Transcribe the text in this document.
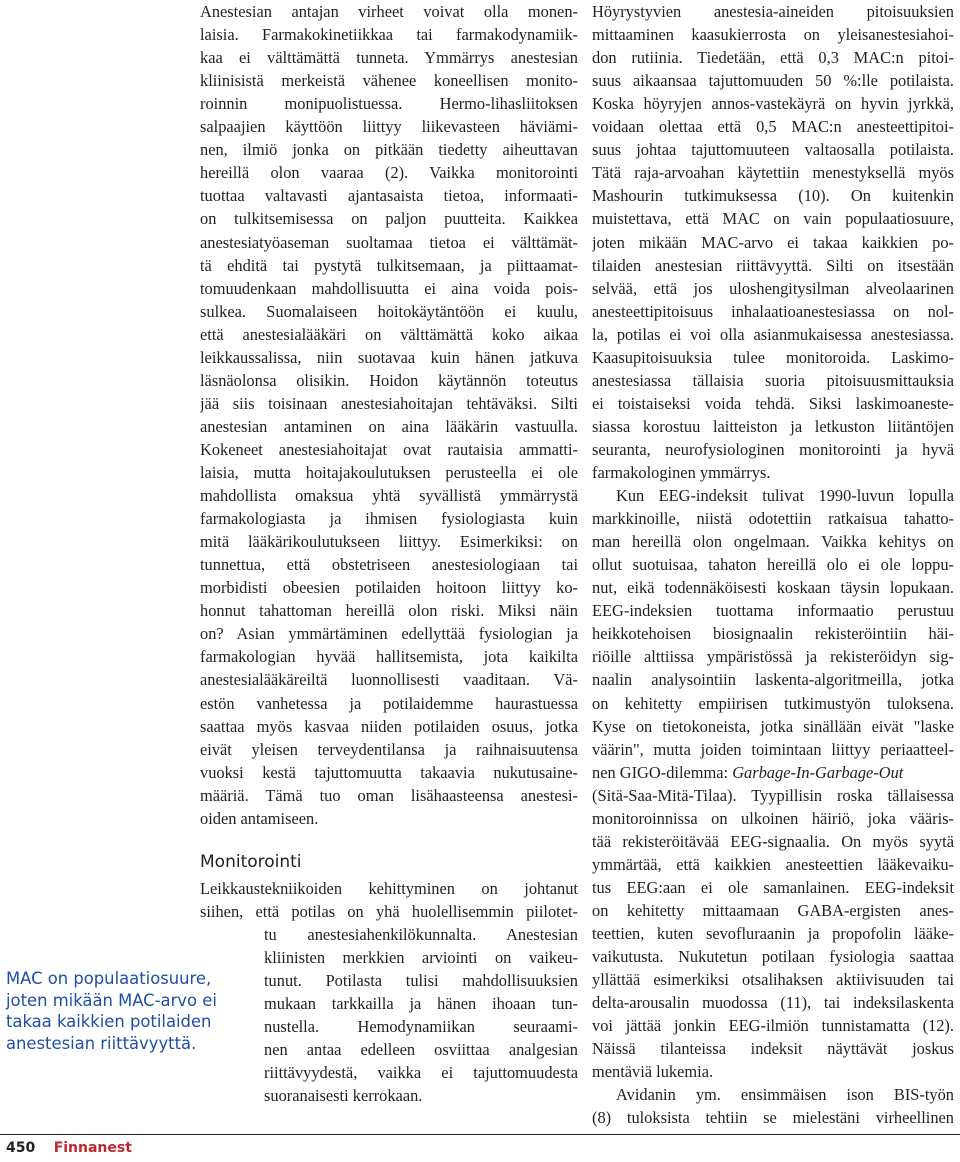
Anestesian antajan virheet voivat olla monen-
laisia. Farmakokinetiikkaa tai farmakodynamiik-
kaa ei välttämättä tunneta. Ymmärrys anestesian
kliinisistä merkeistä vähenee koneellisen monito-
roinnin monipuolistuessa. Hermo-lihasliitoksen
salpaajien käyttöön liittyy liikevasteen häviämi-
nen, ilmiö jonka on pitkään tiedetty aiheuttavan
hereillä olon vaaraa (2). Vaikka monitorointi
tuottaa valtavasti ajantasaista tietoa, informaati-
on tulkitsemisessa on paljon puutteita. Kaikkea
anestesiatyöaseman suoltamaa tietoa ei välttämät-
tä ehditä tai pystytä tulkitsemaan, ja piittaamat-
tomuudenkaan mahdollisuutta ei aina voida pois-
sulkea. Suomalaiseen hoitokäytäntöön ei kuulu,
että anestesialääkäri on välttämättä koko aikaa
leikkaussalissa, niin suotavaa kuin hänen jatkuva
läsnäolonsa olisikin. Hoidon käytännön toteutus
jää siis toisinaan anestesiahoitajan tehtäväksi. Silti
anestesian antaminen on aina lääkärin vastuulla.
Kokeneet anestesiahoitajat ovat rautaisia ammatti-
laisia, mutta hoitajakoulutuksen perusteella ei ole
mahdollista omaksua yhtä syvällistä ymmärrystä
farmakologiasta ja ihmisen fysiologiasta kuin
mitä lääkärikoulutukseen liittyy. Esimerkiksi: on
tunnettua, että obstetriseen anestesiologiaan tai
morbidisti obeesien potilaiden hoitoon liittyy ko-
honnut tahattoman hereillä olon riski. Miksi näin
on? Asian ymmärtäminen edellyttää fysiologian ja
farmakologian hyvää hallitsemista, jota kaikilta
anestesialääkäreiltä luonnollisesti vaaditaan. Vä-
estön vanhetessa ja potilaidemme haurastuessa
saattaa myös kasvaa niiden potilaiden osuus, jotka
eivät yleisen terveydentilansa ja raihnaisuutensa
vuoksi kestä tajuttomuutta takaavia nukutusaine-
määriä. Tämä tuo oman lisähaasteensa anestesi-
oiden antamiseen.
Monitorointi
Leikkaustekniikoiden kehittyminen on johtanut
siihen, että potilas on yhä huolellisemmin piilotet-
tu anestesiahenkilökunnalta. Anestesian
kliinisten merkkien arviointi on vaikeu-
tunut. Potilasta tulisi mahdollisuuksien
mukaan tarkkailla ja hänen ihoaan tun-
nustella. Hemodynamiikan seuraami-
nen antaa edelleen osviittaa analgesian
riittävyydestä, vaikka ei tajuttomuudesta
suoranaisesti kerrokaan.
MAC on populaatiosuure,
joten mikään MAC-arvo ei
takaa kaikkien potilaiden
anestesian riittävyyttä.
Höyrystyvien anestesia-aineiden pitoisuuksien
mittaaminen kaasukierrosta on yleisanestesiahoi-
don rutiinia. Tiedetään, että 0,3 MAC:n pitoi-
suus aikaansaa tajuttomuuden 50 %:lle potilaista.
Koska höyryjen annos-vastekäyrä on hyvin jyrkkä,
voidaan olettaa että 0,5 MAC:n anesteettipitoi-
suus johtaa tajuttomuuteen valtaosalla potilaista.
Tätä raja-arvoahan käytettiin menestyksellä myös
Mashourin tutkimuksessa (10). On kuitenkin
muistettava, että MAC on vain populaatiosuure,
joten mikään MAC-arvo ei takaa kaikkien po-
tilaiden anestesian riittävyyttä. Silti on itsestään
selvää, että jos uloshengitysilman alveolaarinen
anesteettipitoisuus inhalaatioanestesiassa on nol-
la, potilas ei voi olla asianmukaisessa anestesiassa.
Kaasupitoisuuksia tulee monitoroida. Laskimo-
anestesiassa tällaisia suoria pitoisuusmittauksia
ei toistaiseksi voida tehdä. Siksi laskimoaneste-
siassa korostuu laitteiston ja letkuston liitäntöjen
seuranta, neurofysiologinen monitorointi ja hyvä
farmakologinen ymmärrys.
Kun EEG-indeksit tulivat 1990-luvun lopulla
markkinoille, niistä odotettiin ratkaisua tahatto-
man hereillä olon ongelmaan. Vaikka kehitys on
ollut suotuisaa, tahaton hereillä olo ei ole loppu-
nut, eikä todennäköisesti koskaan täysin lopukaan.
EEG-indeksien tuottama informaatio perustuu
heikkotehoisen biosignaalin rekisteröintiin häi-
riöille alttiissa ympäristössä ja rekisteröidyn sig-
naalin analysointiin laskenta-algoritmeilla, jotka
on kehitetty empiirisen tutkimustyön tuloksena.
Kyse on tietokoneista, jotka sinällään eivät "laske
väärin", mutta joiden toimintaan liittyy periaatteel-
nen GIGO-dilemma: Garbage-In-Garbage-Out
(Sitä-Saa-Mitä-Tilaa). Tyypillisin roska tällaisessa
monitoroinnissa on ulkoinen häiriö, joka vääris-
tää rekisteröitävää EEG-signaalia. On myös syytä
ymmärtää, että kaikkien anesteettien lääkevaiku-
tus EEG:aan ei ole samanlainen. EEG-indeksit
on kehitetty mittaamaan GABA-ergisten anes-
teettien, kuten sevofluraanin ja propofolin lääke-
vaikutusta. Nukutetun potilaan fysiologia saattaa
yllättää esimerkiksi otsalihaksen aktiivisuuden tai
delta-arousalin muodossa (11), tai indeksilaskenta
voi jättää jonkin EEG-ilmiön tunnistamatta (12).
Näissä tilanteissa indeksit näyttävät joskus
mentäviä lukemia.
Avidanin ym. ensimmäisen ison BIS-työn
(8) tuloksista tehtiin se mielestäni virheellinen
450 Finnanest
